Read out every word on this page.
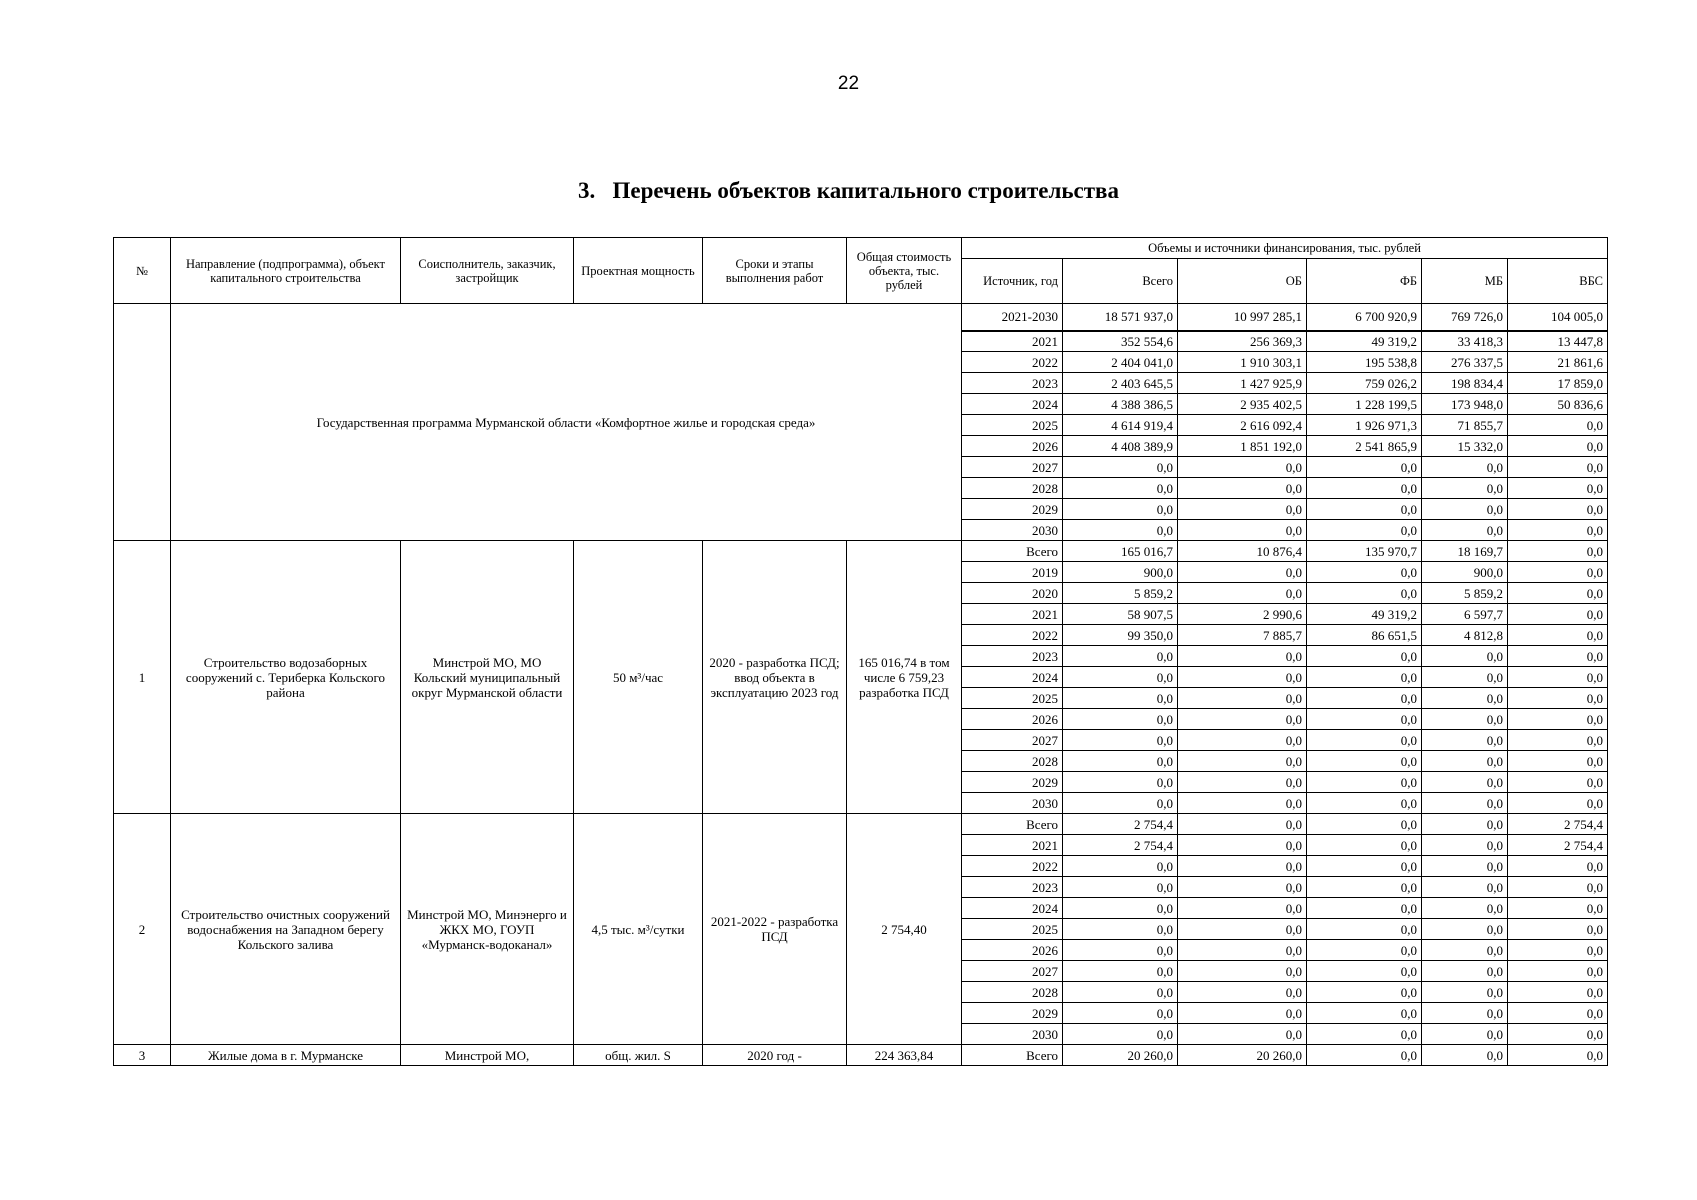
22
3.   Перечень объектов капитального строительства
№	Направление (подпрограмма), объект капитального строительства	Соисполнитель, заказчик, застройщик	Проектная мощность	Сроки и этапы выполнения работ	Общая стоимость объекта, тыс. рублей	Объемы и источники финансирования, тыс. рублей					
						Источник, год	Всего	ОБ	ФБ	МБ	ВБС
	Государственная программа Мурманской области «Комфортное жилье и городская среда»					2021-2030	18 571 937,0	10 997 285,1	6 700 920,9	769 726,0	104 005,0
						2021	352 554,6	256 369,3	49 319,2	33 418,3	13 447,8
						2022	2 404 041,0	1 910 303,1	195 538,8	276 337,5	21 861,6
						2023	2 403 645,5	1 427 925,9	759 026,2	198 834,4	17 859,0
						2024	4 388 386,5	2 935 402,5	1 228 199,5	173 948,0	50 836,6
						2025	4 614 919,4	2 616 092,4	1 926 971,3	71 855,7	0,0
						2026	4 408 389,9	1 851 192,0	2 541 865,9	15 332,0	0,0
						2027	0,0	0,0	0,0	0,0	0,0
						2028	0,0	0,0	0,0	0,0	0,0
						2029	0,0	0,0	0,0	0,0	0,0
						2030	0,0	0,0	0,0	0,0	0,0
1	Строительство водозаборных сооружений с. Териберка Кольского района	Минстрой МО, МО Кольский муниципальный округ Мурманской области	50 м³/час	2020 - разработка ПСД; ввод объекта в эксплуатацию 2023 год	165 016,74 в том числе 6 759,23 разработка ПСД	Всего	165 016,7	10 876,4	135 970,7	18 169,7	0,0
						2019	900,0	0,0	0,0	900,0	0,0
						2020	5 859,2	0,0	0,0	5 859,2	0,0
						2021	58 907,5	2 990,6	49 319,2	6 597,7	0,0
						2022	99 350,0	7 885,7	86 651,5	4 812,8	0,0
						2023	0,0	0,0	0,0	0,0	0,0
						2024	0,0	0,0	0,0	0,0	0,0
						2025	0,0	0,0	0,0	0,0	0,0
						2026	0,0	0,0	0,0	0,0	0,0
						2027	0,0	0,0	0,0	0,0	0,0
						2028	0,0	0,0	0,0	0,0	0,0
						2029	0,0	0,0	0,0	0,0	0,0
						2030	0,0	0,0	0,0	0,0	0,0
2	Строительство очистных сооружений водоснабжения на Западном берегу Кольского залива	Минстрой МО, Минэнерго и ЖКХ МО, ГОУП «Мурманск-водоканал»	4,5 тыс. м³/сутки	2021-2022 - разработка ПСД	2 754,40	Всего	2 754,4	0,0	0,0	0,0	2 754,4
						2021	2 754,4	0,0	0,0	0,0	2 754,4
						2022	0,0	0,0	0,0	0,0	0,0
						2023	0,0	0,0	0,0	0,0	0,0
						2024	0,0	0,0	0,0	0,0	0,0
						2025	0,0	0,0	0,0	0,0	0,0
						2026	0,0	0,0	0,0	0,0	0,0
						2027	0,0	0,0	0,0	0,0	0,0
						2028	0,0	0,0	0,0	0,0	0,0
						2029	0,0	0,0	0,0	0,0	0,0
						2030	0,0	0,0	0,0	0,0	0,0
3	Жилые дома в г. Мурманске	Минстрой МО,	общ. жил. S	2020 год -	224 363,84	Всего	20 260,0	20 260,0	0,0	0,0	0,0
